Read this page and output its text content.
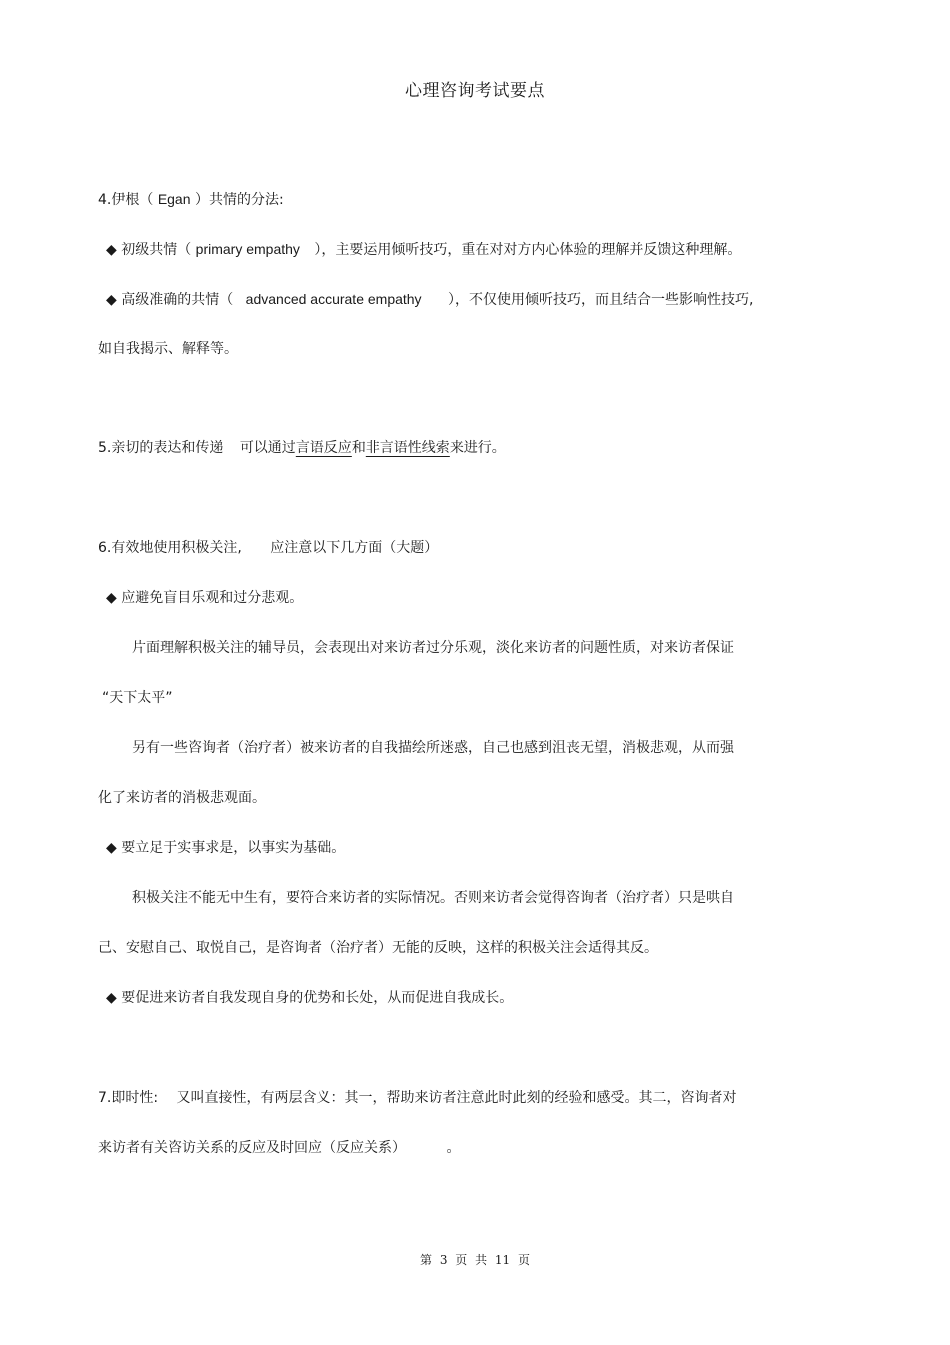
心理咨询考试要点
4.伊根（ Egan ）共情的分法:
◆ 初级共情（ primary empathy ），主要运用倾听技巧，重在对对方内心体验的理解并反馈这种理解。
◆ 高级准确的共情（ advanced accurate empathy ），不仅使用倾听技巧，而且结合一些影响性技巧,
如自我揭示、解释等。
5.亲切的表达和传递 可以通过言语反应和非言语性线索来进行。
6.有效地使用积极关注, 应注意以下几方面（大题）
◆ 应避免盲目乐观和过分悲观。
片面理解积极关注的辅导员，会表现出对来访者过分乐观，淡化来访者的问题性质，对来访者保证
“天下太平”
另有一些咨询者（治疗者）被来访者的自我描绘所迷惑，自己也感到沮丧无望，消极悲观，从而强
化了来访者的消极悲观面。
◆ 要立足于实事求是，以事实为基础。
积极关注不能无中生有，要符合来访者的实际情况。否则来访者会觉得咨询者（治疗者）只是哄自
己、安慰自己、取悦自己，是咨询者（治疗者）无能的反映，这样的积极关注会适得其反。
◆ 要促进来访者自我发现自身的优势和长处，从而促进自我成长。
7.即时性: 又叫直接性，有两层含义：其一，帮助来访者注意此时此刻的经验和感受。其二，咨询者对
来访者有关咨访关系的反应及时回应（反应关系）	。
第 3 页 共 11 页
